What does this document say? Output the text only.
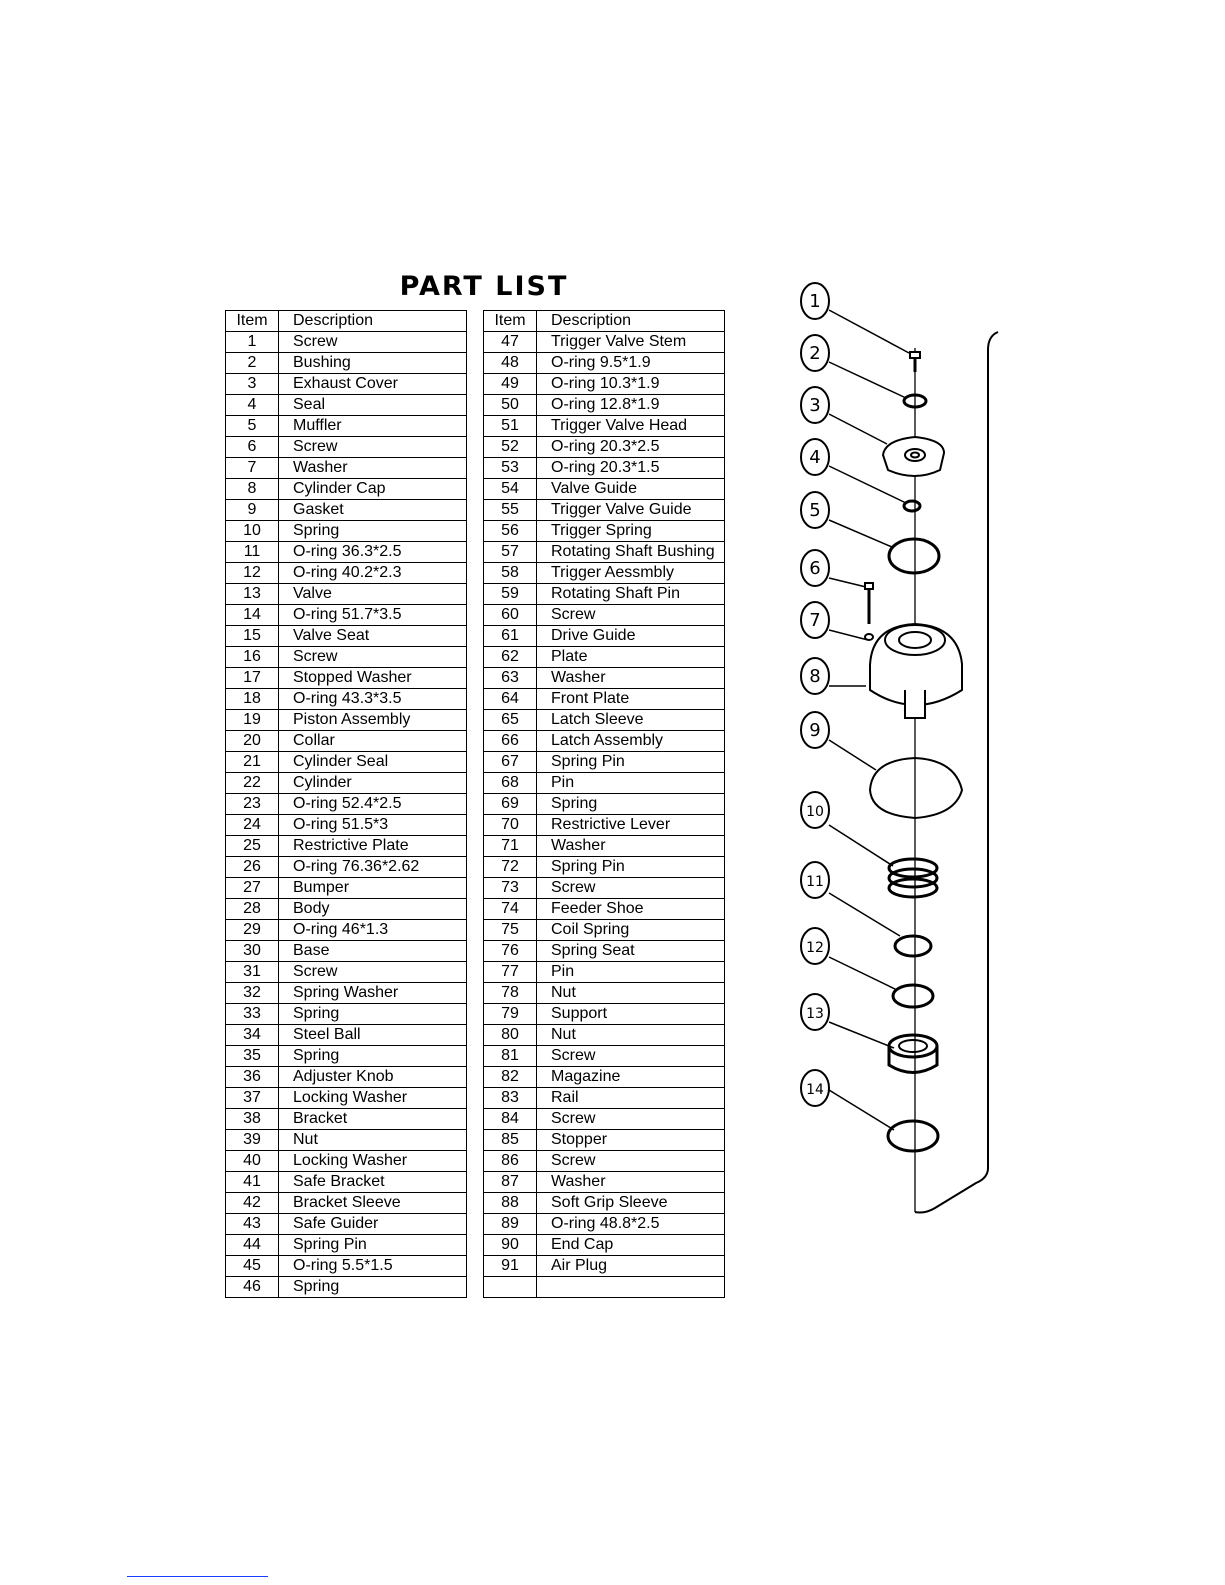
PART LIST
Item	Description		Item	Description
1	Screw		47	Trigger Valve Stem
2	Bushing		48	O-ring 9.5*1.9
3	Exhaust Cover		49	O-ring 10.3*1.9
4	Seal		50	O-ring 12.8*1.9
5	Muffler		51	Trigger Valve Head
6	Screw		52	O-ring 20.3*2.5
7	Washer		53	O-ring 20.3*1.5
8	Cylinder Cap		54	Valve Guide
9	Gasket		55	Trigger Valve Guide
10	Spring		56	Trigger Spring
11	O-ring 36.3*2.5		57	Rotating Shaft Bushing
12	O-ring 40.2*2.3		58	Trigger Aessmbly
13	Valve		59	Rotating Shaft Pin
14	O-ring 51.7*3.5		60	Screw
15	Valve Seat		61	Drive Guide
16	Screw		62	Plate
17	Stopped Washer		63	Washer
18	O-ring 43.3*3.5		64	Front Plate
19	Piston Assembly		65	Latch Sleeve
20	Collar		66	Latch Assembly
21	Cylinder Seal		67	Spring Pin
22	Cylinder		68	Pin
23	O-ring 52.4*2.5		69	Spring
24	O-ring 51.5*3		70	Restrictive Lever
25	Restrictive Plate		71	Washer
26	O-ring 76.36*2.62		72	Spring Pin
27	Bumper		73	Screw
28	Body		74	Feeder Shoe
29	O-ring 46*1.3		75	Coil Spring
30	Base		76	Spring Seat
31	Screw		77	Pin
32	Spring Washer		78	Nut
33	Spring		79	Support
34	Steel Ball		80	Nut
35	Spring		81	Screw
36	Adjuster Knob		82	Magazine
37	Locking Washer		83	Rail
38	Bracket		84	Screw
39	Nut		85	Stopper
40	Locking Washer		86	Screw
41	Safe Bracket		87	Washer
42	Bracket Sleeve		88	Soft Grip Sleeve
43	Safe Guider		89	O-ring 48.8*2.5
44	Spring Pin		90	End Cap
45	O-ring 5.5*1.5		91	Air Plug
46	Spring			
1
2
3
4
5
6
7
8
9
10
11
12
13
14
